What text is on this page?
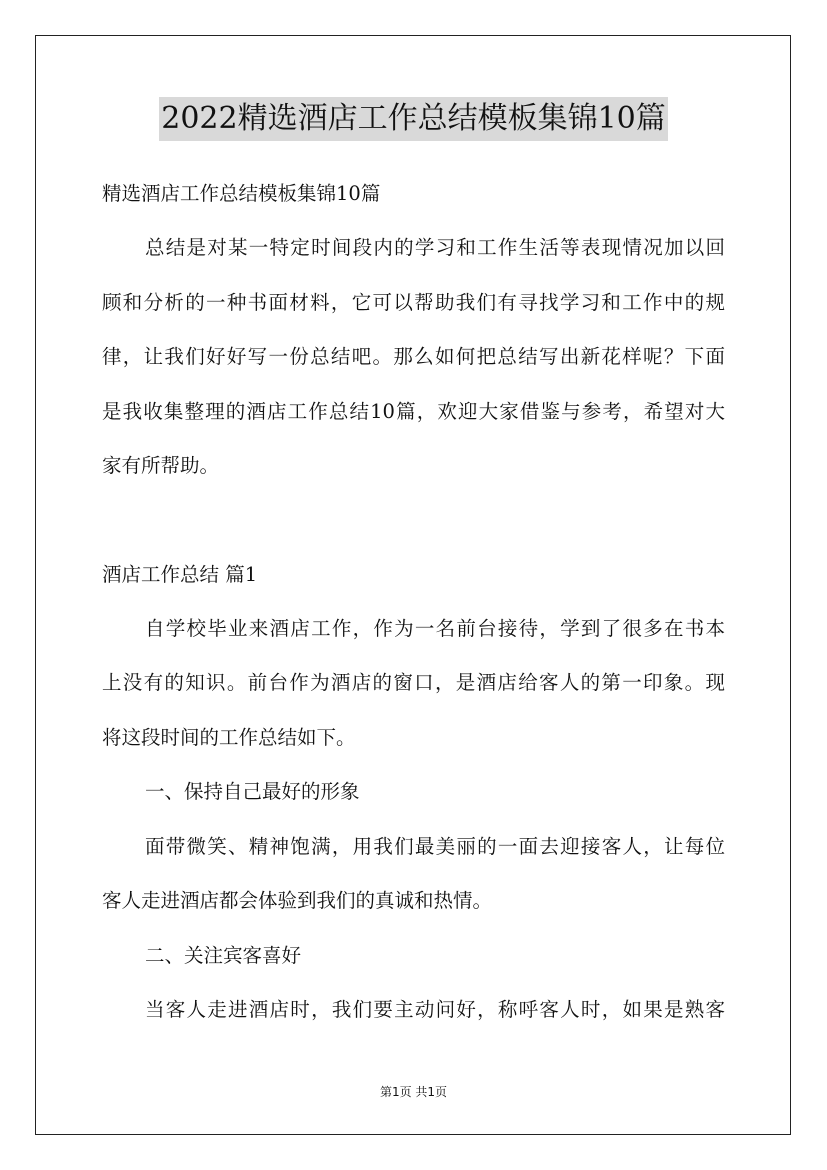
2022精选酒店工作总结模板集锦10篇
精选酒店工作总结模板集锦10篇
总结是对某一特定时间段内的学习和工作生活等表现情况加以回
顾和分析的一种书面材料，它可以帮助我们有寻找学习和工作中的规
律，让我们好好写一份总结吧。那么如何把总结写出新花样呢？下面
是我收集整理的酒店工作总结10篇，欢迎大家借鉴与参考，希望对大
家有所帮助。
酒店工作总结 篇1
自学校毕业来酒店工作，作为一名前台接待，学到了很多在书本
上没有的知识。前台作为酒店的窗口，是酒店给客人的第一印象。现
将这段时间的工作总结如下。
一、保持自己最好的形象
面带微笑、精神饱满，用我们最美丽的一面去迎接客人，让每位
客人走进酒店都会体验到我们的真诚和热情。
二、关注宾客喜好
当客人走进酒店时，我们要主动问好，称呼客人时，如果是熟客
第1页 共1页
